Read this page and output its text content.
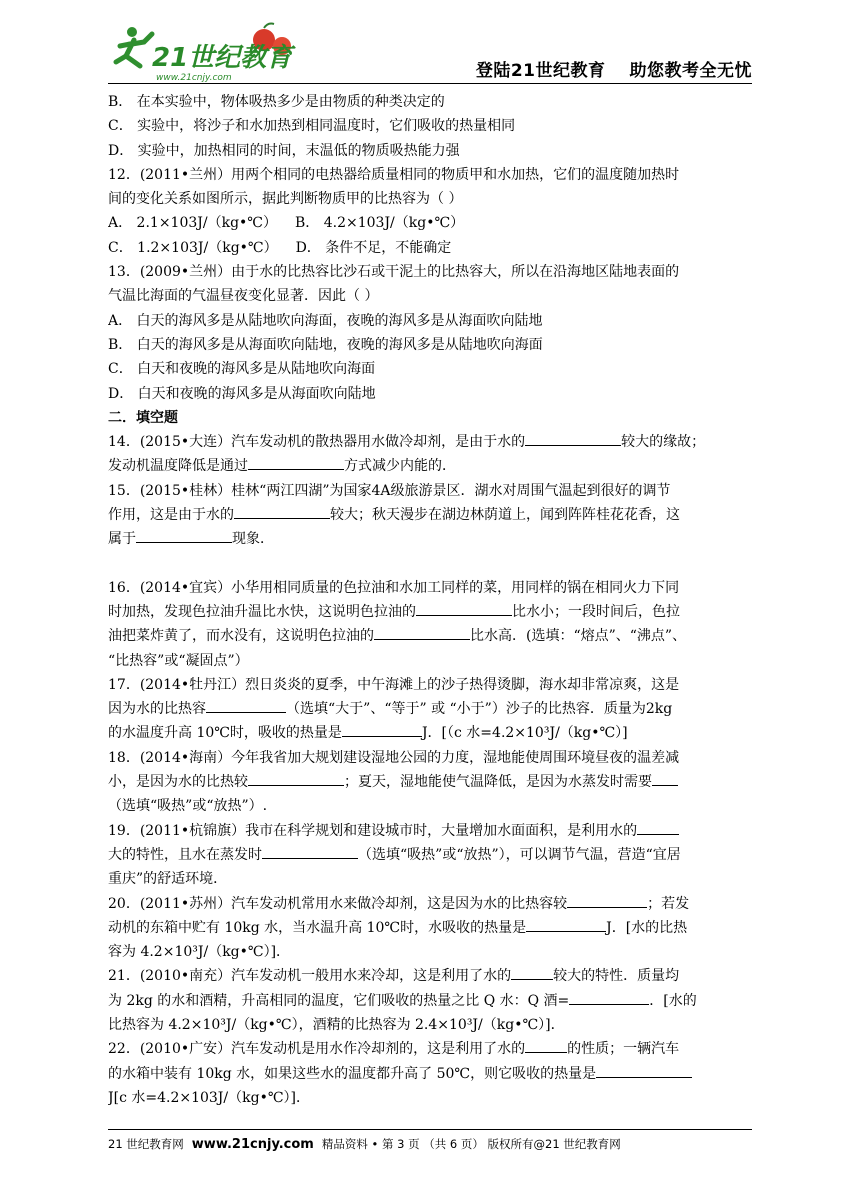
21世纪教育
www.21cnjy.com	登陆21世纪教育 助您教考全无忧
B． 在本实验中，物体吸热多少是由物质的种类决定的
C． 实验中，将沙子和水加热到相同温度时，它们吸收的热量相同
D． 实验中，加热相同的时间，末温低的物质吸热能力强
12．(2011•兰州）用两个相同的电热器给质量相同的物质甲和水加热，它们的温度随加热时
间的变化关系如图所示，据此判断物质甲的比热容为（ ）
A． 2.1×103J/（kg•℃） B． 4.2×103J/（kg•℃）
C． 1.2×103J/（kg•℃） D． 条件不足，不能确定
13．(2009•兰州）由于水的比热容比沙石或干泥土的比热容大，所以在沿海地区陆地表面的
气温比海面的气温昼夜变化显著．因此（ ）
A． 白天的海风多是从陆地吹向海面，夜晚的海风多是从海面吹向陆地
B． 白天的海风多是从海面吹向陆地，夜晚的海风多是从陆地吹向海面
C． 白天和夜晚的海风多是从陆地吹向海面
D． 白天和夜晚的海风多是从海面吹向陆地
二．填空题
14．(2015•大连）汽车发动机的散热器用水做冷却剂，是由于水的	较大的缘故；
发动机温度降低是通过	方式减少内能的．
15．(2015•桂林）桂林“两江四湖”为国家4A级旅游景区．湖水对周围气温起到很好的调节
作用，这是由于水的	较大；秋天漫步在湖边林荫道上，闻到阵阵桂花花香，这
属于	现象．
16．(2014•宜宾）小华用相同质量的色拉油和水加工同样的菜，用同样的锅在相同火力下同
时加热，发现色拉油升温比水快，这说明色拉油的	比水小；一段时间后，色拉
油把菜炸黄了，而水没有，这说明色拉油的	比水高．(选填：“熔点”、“沸点”、
“比热容”或“凝固点”）
17．(2014•牡丹江）烈日炎炎的夏季，中午海滩上的沙子热得烫脚，海水却非常凉爽，这是
因为水的比热容	（选填“大于”、“等于” 或 “小于”）沙子的比热容．质量为2kg
的水温度升高 10℃时，吸收的热量是	J．[（c 水=4.2×10³J/（kg•℃）]
18．(2014•海南）今年我省加大规划建设湿地公园的力度，湿地能使周围环境昼夜的温差减
小，是因为水的比热较	；夏天，湿地能使气温降低，是因为水蒸发时需要
（选填“吸热”或“放热”）.
19．(2011•杭锦旗）我市在科学规划和建设城市时，大量增加水面面积，是利用水的
大的特性，且水在蒸发时	（选填“吸热”或“放热”），可以调节气温，营造“宜居
重庆”的舒适环境．
20．(2011•苏州）汽车发动机常用水来做冷却剂，这是因为水的比热容较	；若发
动机的东箱中贮有 10kg 水，当水温升高 10℃时，水吸收的热量是	J．[水的比热
容为 4.2×10³J/（kg•℃）]．
21．(2010•南充）汽车发动机一般用水来冷却，这是利用了水的	较大的特性．质量均
为 2kg 的水和酒精，升高相同的温度，它们吸收的热量之比 Q 水：Q 酒=	．[水的
比热容为 4.2×10³J/（kg•℃），酒精的比热容为 2.4×10³J/（kg•℃）]．
22．(2010•广安）汽车发动机是用水作冷却剂的，这是利用了水的	的性质；一辆汽车
的水箱中装有 10kg 水，如果这些水的温度都升高了 50℃，则它吸收的热量是
J[c 水=4.2×103J/（kg•℃）]．
21 世纪教育网 www.21cnjy.com 精品资料 • 第 3 页 （共 6 页） 版权所有@21 世纪教育网
